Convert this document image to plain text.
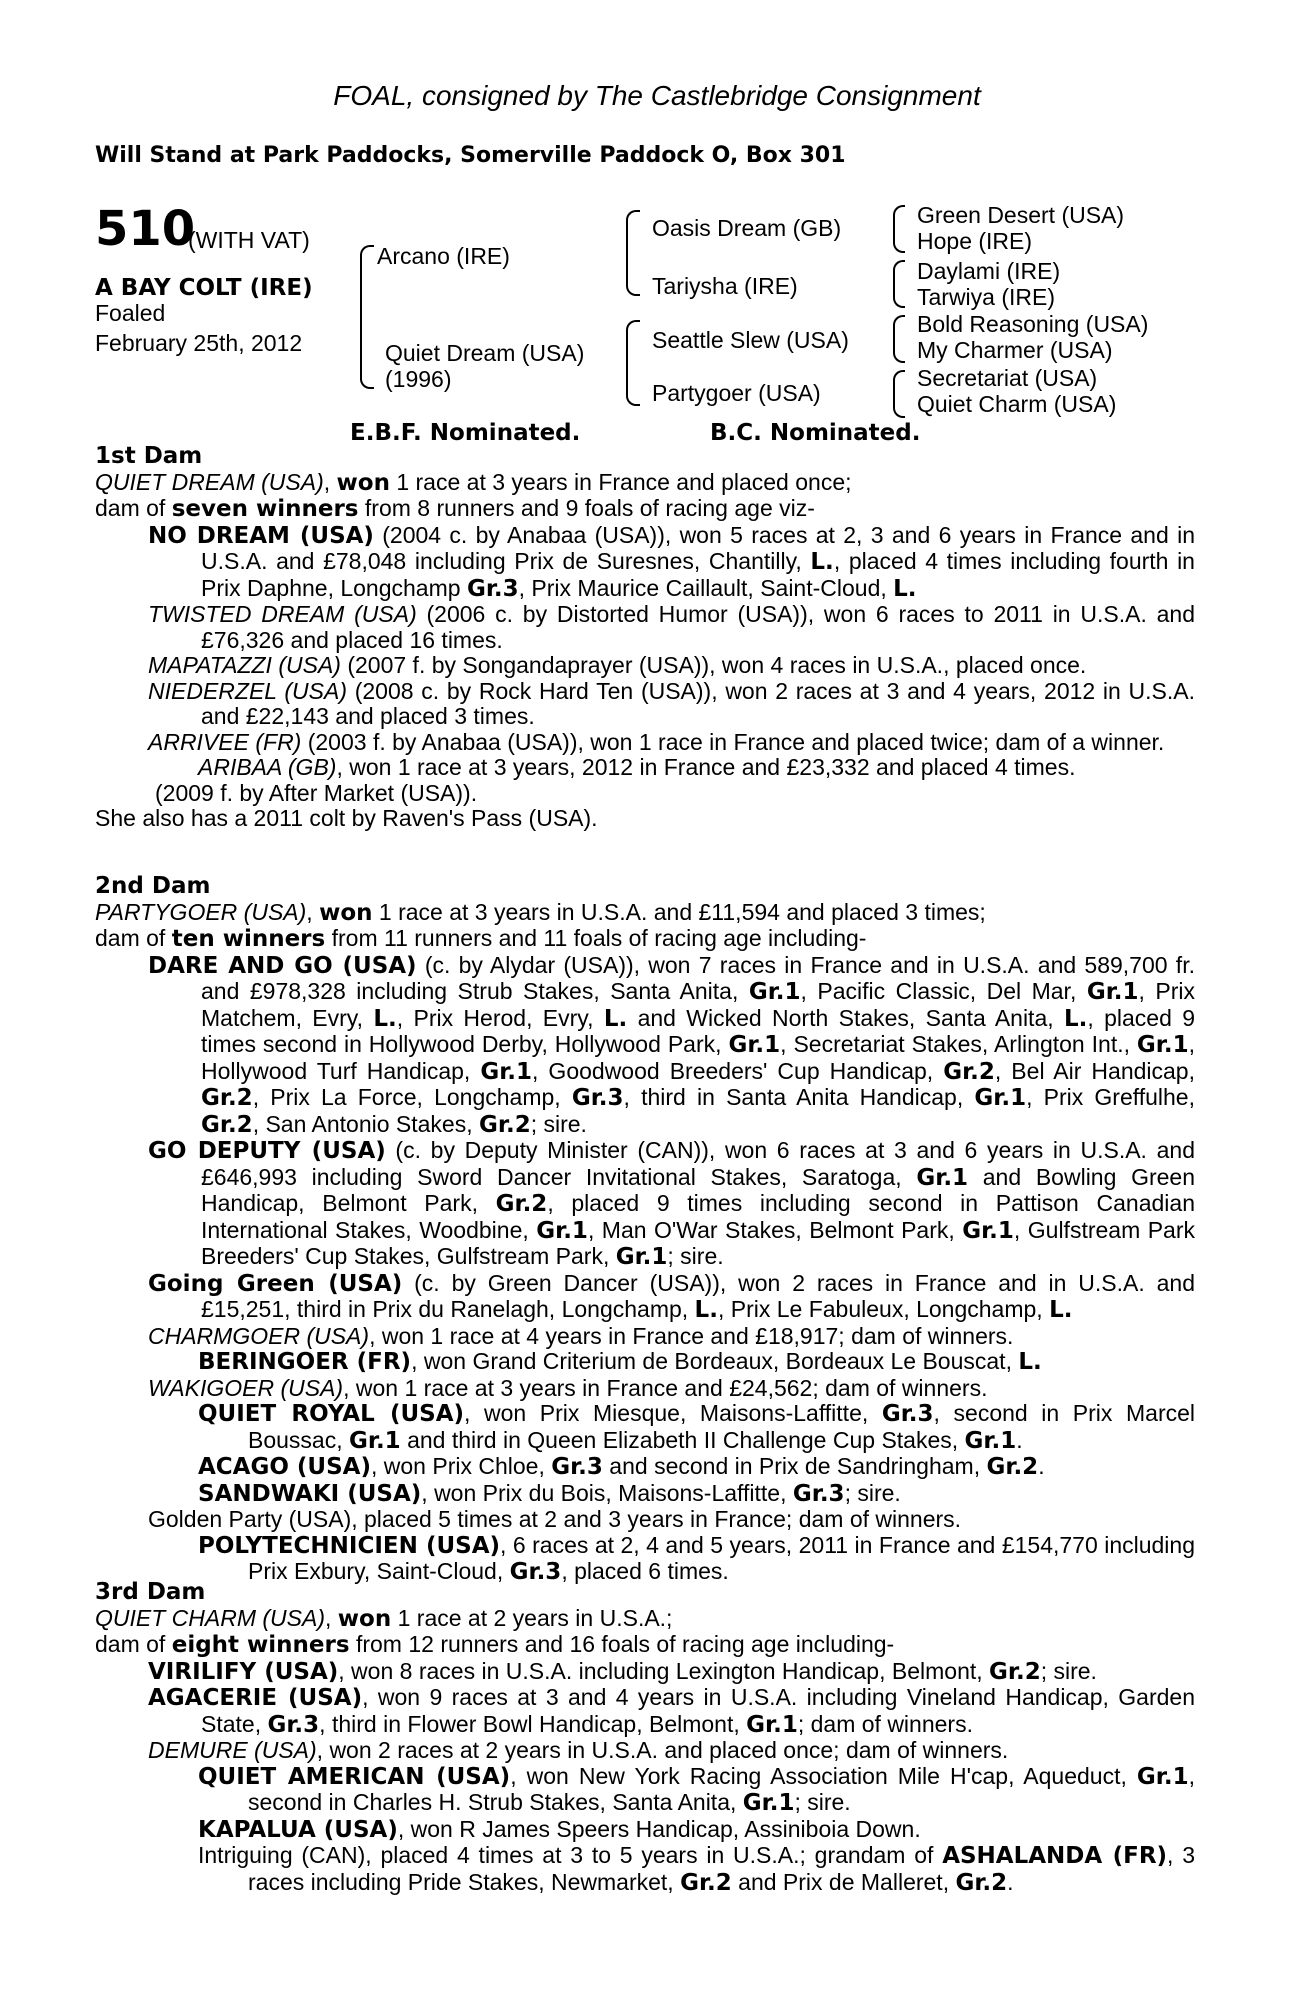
FOAL, consigned by The Castlebridge Consignment
Will Stand at Park Paddocks, Somerville Paddock O, Box 301
510
(WITH VAT)
A BAY COLT (IRE)
Foaled
February 25th, 2012
Arcano (IRE)
Quiet Dream (USA)
(1996)
Oasis Dream (GB)
Tariysha (IRE)
Seattle Slew (USA)
Partygoer (USA)
Green Desert (USA)
Hope (IRE)
Daylami (IRE)
Tarwiya (IRE)
Bold Reasoning (USA)
My Charmer (USA)
Secretariat (USA)
Quiet Charm (USA)
E.B.F. Nominated.	B.C. Nominated.

1st Dam

QUIET DREAM (USA), won 1 race at 3 years in France and placed once;

dam of seven winners from 8 runners and 9 foals of racing age viz-

NO DREAM (USA) (2004 c. by Anabaa (USA)), won 5 races at 2, 3 and 6 years in France and in U.S.A. and £78,048 including Prix de Suresnes, Chantilly, L., placed 4 times including fourth in Prix Daphne, Longchamp Gr.3, Prix Maurice Caillault, Saint-Cloud, L.

TWISTED DREAM (USA) (2006 c. by Distorted Humor (USA)), won 6 races to 2011 in U.S.A. and £76,326 and placed 16 times.

MAPATAZZI (USA) (2007 f. by Songandaprayer (USA)), won 4 races in U.S.A., placed once.

NIEDERZEL (USA) (2008 c. by Rock Hard Ten (USA)), won 2 races at 3 and 4 years, 2012 in U.S.A. and £22,143 and placed 3 times.

ARRIVEE (FR) (2003 f. by Anabaa (USA)), won 1 race in France and placed twice; dam of a winner.

ARIBAA (GB), won 1 race at 3 years, 2012 in France and £23,332 and placed 4 times.

(2009 f. by After Market (USA)).

She also has a 2011 colt by Raven's Pass (USA).

2nd Dam

PARTYGOER (USA), won 1 race at 3 years in U.S.A. and £11,594 and placed 3 times;

dam of ten winners from 11 runners and 11 foals of racing age including-

DARE AND GO (USA) (c. by Alydar (USA)), won 7 races in France and in U.S.A. and 589,700 fr. and £978,328 including Strub Stakes, Santa Anita, Gr.1, Pacific Classic, Del Mar, Gr.1, Prix Matchem, Evry, L., Prix Herod, Evry, L. and Wicked North Stakes, Santa Anita, L., placed 9 times second in Hollywood Derby, Hollywood Park, Gr.1, Secretariat Stakes, Arlington Int., Gr.1, Hollywood Turf Handicap, Gr.1, Goodwood Breeders' Cup Handicap, Gr.2, Bel Air Handicap, Gr.2, Prix La Force, Longchamp, Gr.3, third in Santa Anita Handicap, Gr.1, Prix Greffulhe, Gr.2, San Antonio Stakes, Gr.2; sire.

GO DEPUTY (USA) (c. by Deputy Minister (CAN)), won 6 races at 3 and 6 years in U.S.A. and £646,993 including Sword Dancer Invitational Stakes, Saratoga, Gr.1 and Bowling Green Handicap, Belmont Park, Gr.2, placed 9 times including second in Pattison Canadian International Stakes, Woodbine, Gr.1, Man O'War Stakes, Belmont Park, Gr.1, Gulfstream Park Breeders' Cup Stakes, Gulfstream Park, Gr.1; sire.

Going Green (USA) (c. by Green Dancer (USA)), won 2 races in France and in U.S.A. and £15,251, third in Prix du Ranelagh, Longchamp, L., Prix Le Fabuleux, Longchamp, L.

CHARMGOER (USA), won 1 race at 4 years in France and £18,917; dam of winners.

BERINGOER (FR), won Grand Criterium de Bordeaux, Bordeaux Le Bouscat, L.

WAKIGOER (USA), won 1 race at 3 years in France and £24,562; dam of winners.

QUIET ROYAL (USA), won Prix Miesque, Maisons-Laffitte, Gr.3, second in Prix Marcel Boussac, Gr.1 and third in Queen Elizabeth II Challenge Cup Stakes, Gr.1.

ACAGO (USA), won Prix Chloe, Gr.3 and second in Prix de Sandringham, Gr.2.

SANDWAKI (USA), won Prix du Bois, Maisons-Laffitte, Gr.3; sire.

Golden Party (USA), placed 5 times at 2 and 3 years in France; dam of winners.

POLYTECHNICIEN (USA), 6 races at 2, 4 and 5 years, 2011 in France and £154,770 including Prix Exbury, Saint-Cloud, Gr.3, placed 6 times.

3rd Dam

QUIET CHARM (USA), won 1 race at 2 years in U.S.A.;

dam of eight winners from 12 runners and 16 foals of racing age including-

VIRILIFY (USA), won 8 races in U.S.A. including Lexington Handicap, Belmont, Gr.2; sire.

AGACERIE (USA), won 9 races at 3 and 4 years in U.S.A. including Vineland Handicap, Garden State, Gr.3, third in Flower Bowl Handicap, Belmont, Gr.1; dam of winners.

DEMURE (USA), won 2 races at 2 years in U.S.A. and placed once; dam of winners.

QUIET AMERICAN (USA), won New York Racing Association Mile H'cap, Aqueduct, Gr.1, second in Charles H. Strub Stakes, Santa Anita, Gr.1; sire.

KAPALUA (USA), won R James Speers Handicap, Assiniboia Down.

Intriguing (CAN), placed 4 times at 3 to 5 years in U.S.A.; grandam of ASHALANDA (FR), 3 races including Pride Stakes, Newmarket, Gr.2 and Prix de Malleret, Gr.2.
